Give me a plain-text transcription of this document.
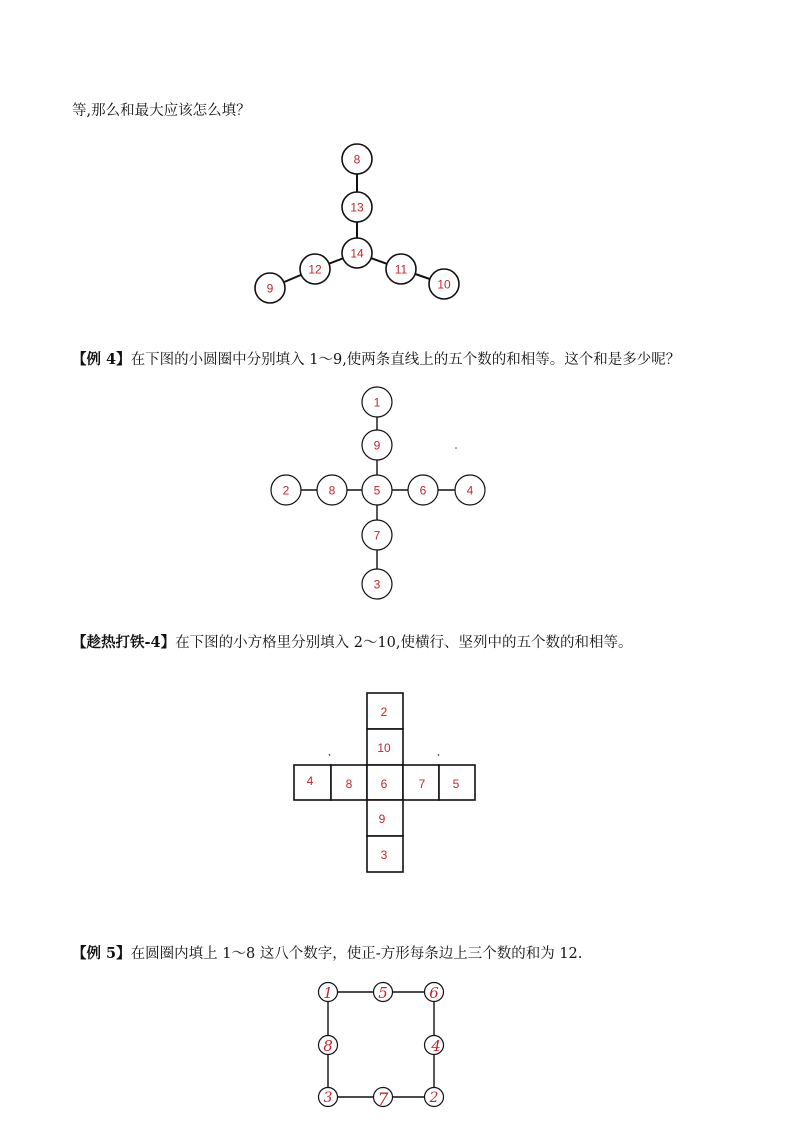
等,那么和最大应该怎么填？
8
13
14
12
9
11
10
【例 4】在下图的小圆圈中分别填入 1～9,使两条直线上的五个数的和相等。这个和是多少呢？
1
9
5
7
3
2	8	6	4
【趁热打铁-4】在下图的小方格里分别填入 2～10,使横行、坚列中的五个数的和相等。
2
10
4	8 6	7 5
9
3
【例 5】在圆圈内填上 1～8 这八个数字，使正-方形每条边上三个数的和为 12.
1	5	6
8	4
3	7	2
